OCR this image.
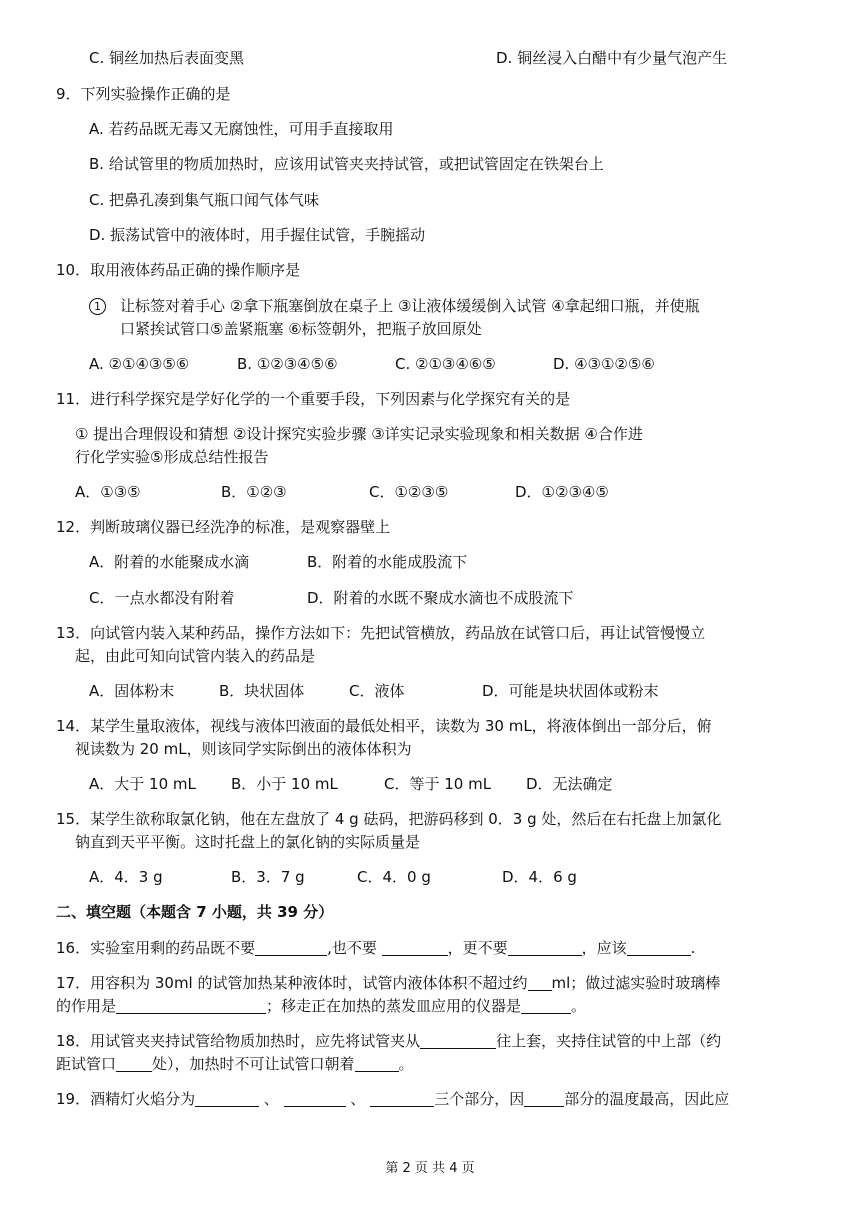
C. 铜丝加热后表面变黑	D. 铜丝浸入白醋中有少量气泡产生
9．下列实验操作正确的是
A. 若药品既无毒又无腐蚀性，可用手直接取用
B. 给试管里的物质加热时，应该用试管夹夹持试管，或把试管固定在铁架台上
C. 把鼻孔凑到集气瓶口闻气体气味
D. 振荡试管中的液体时，用手握住试管，手腕摇动
10．取用液体药品正确的操作顺序是
1 让标签对着手心 ②拿下瓶塞倒放在桌子上 ③让液体缓缓倒入试管 ④拿起细口瓶，并使瓶
口紧挨试管口⑤盖紧瓶塞 ⑥标签朝外，把瓶子放回原处
A. ②①④③⑤⑥	B. ①②③④⑤⑥	C. ②①③④⑥⑤	D. ④③①②⑤⑥
11．进行科学探究是学好化学的一个重要手段，下列因素与化学探究有关的是
① 提出合理假设和猜想 ②设计探究实验步骤 ③详实记录实验现象和相关数据 ④合作进
行化学实验⑤形成总结性报告
A．①③⑤	B．①②③	C．①②③⑤	D．①②③④⑤
12．判断玻璃仪器已经洗净的标准，是观察器壁上
A．附着的水能聚成水滴	B．附着的水能成股流下
C．一点水都没有附着	D．附着的水既不聚成水滴也不成股流下
13．向试管内装入某种药品，操作方法如下：先把试管横放，药品放在试管口后，再让试管慢慢立
起，由此可知向试管内装入的药品是
A．固体粉末	B．块状固体	C．液体	D．可能是块状固体或粉末
14．某学生量取液体，视线与液体凹液面的最低处相平，读数为 30 mL，将液体倒出一部分后，俯
视读数为 20 mL，则该同学实际倒出的液体体积为
A．大于 10 mL B．小于 10 mL	C．等于 10 mL D．无法确定
15．某学生欲称取氯化钠，他在左盘放了 4 g 砝码，把游码移到 0．3 g 处，然后在右托盘上加氯化
钠直到天平平衡。这时托盘上的氯化钠的实际质量是
A．4．3 g	B．3．7 g	C．4．0 g	D．4．6 g
二、填空题（本题含 7 小题，共 39 分）
16．实验室用剩的药品既不要	,也不要	，更不要	，应该	.
17．用容积为 30ml 的试管加热某种液体时，试管内液体体积不超过约 ml；做过滤实验时玻璃棒
的作用是	；移走正在加热的蒸发皿应用的仪器是	。
18．用试管夹夹持试管给物质加热时，应先将试管夹从	往上套，夹持住试管的中上部（约
距试管口 处），加热时不可让试管口朝着	。
19．酒精灯火焰分为	、	、	三个部分，因	部分的温度最高，因此应
第 2 页 共 4 页
